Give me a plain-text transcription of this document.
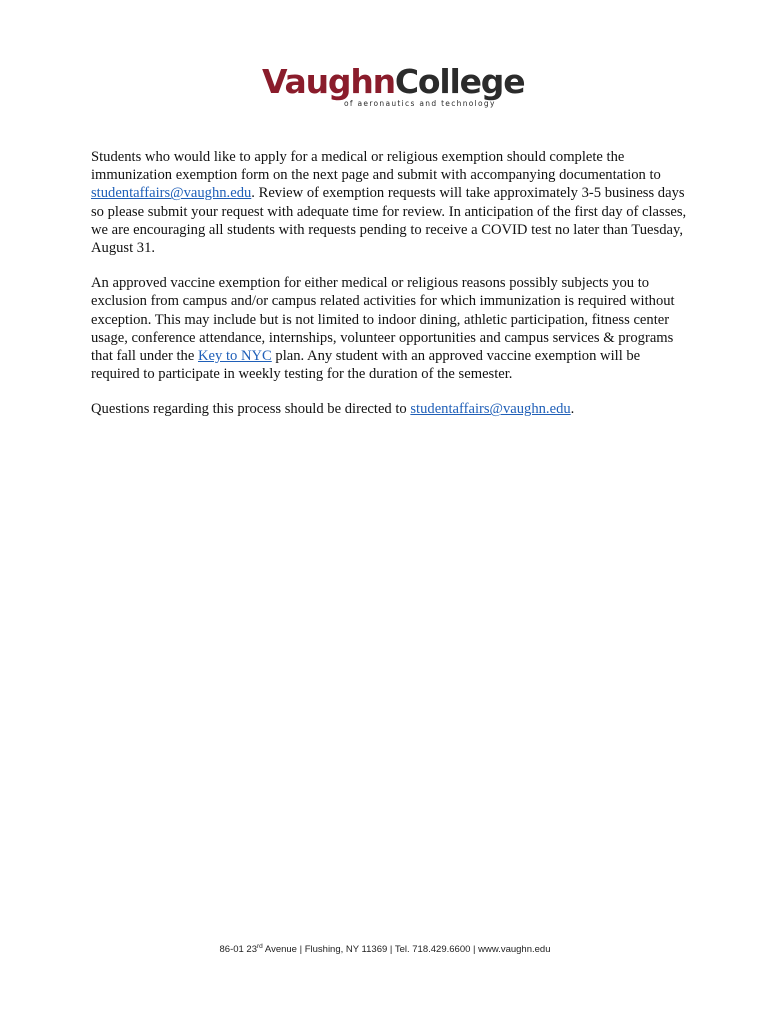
VaughnCollege
of aeronautics and technology

Students who would like to apply for a medical or religious exemption should complete the immunization exemption form on the next page and submit with accompanying documentation to studentaffairs@vaughn.edu. Review of exemption requests will take approximately 3-5 business days so please submit your request with adequate time for review. In anticipation of the first day of classes, we are encouraging all students with requests pending to receive a COVID test no later than Tuesday, August 31.

An approved vaccine exemption for either medical or religious reasons possibly subjects you to exclusion from campus and/or campus related activities for which immunization is required without exception. This may include but is not limited to indoor dining, athletic participation, fitness center usage, conference attendance, internships, volunteer opportunities and campus services & programs that fall under the Key to NYC plan. Any student with an approved vaccine exemption will be required to participate in weekly testing for the duration of the semester.

Questions regarding this process should be directed to studentaffairs@vaughn.edu.

86-01 23rd Avenue | Flushing, NY 11369 | Tel. 718.429.6600 | www.vaughn.edu
